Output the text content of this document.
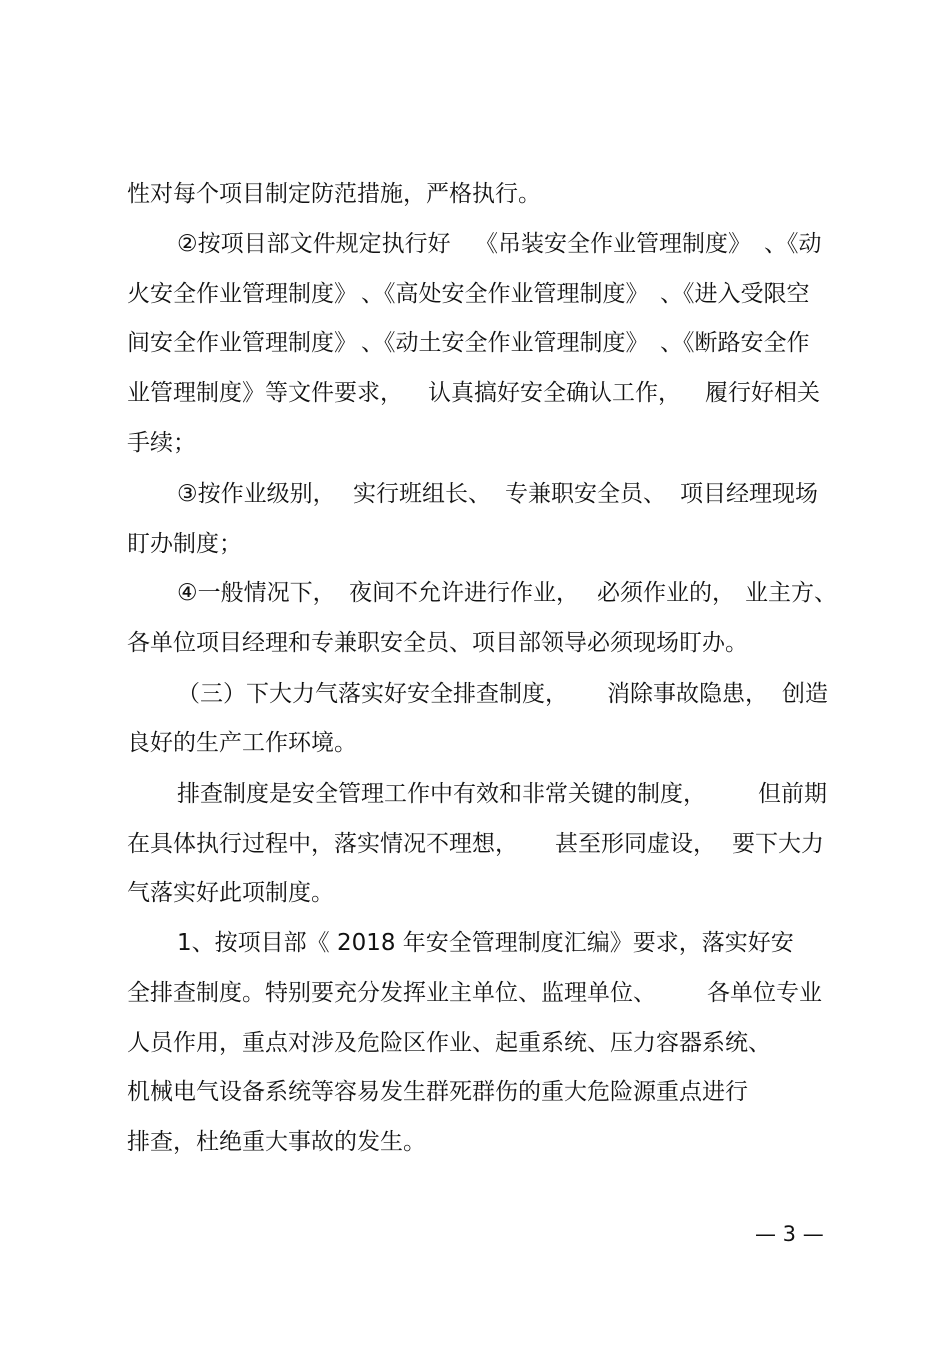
性对每个项目制定防范措施，严格执行。

②按项目部文件规定执行好

《吊装安全作业管理制度》

、《动

火安全作业管理制度》

、《高处安全作业管理制度》

、《进入受限空

间安全作业管理制度》

、《动土安全作业管理制度》

、《断路安全作

业管理制度》等文件要求，

认真搞好安全确认工作，

履行好相关

手续；

③按作业级别，

实行班组长、

专兼职安全员、

项目经理现场

盯办制度；

④一般情况下，

夜间不允许进行作业，

必须作业的，

业主方、

各单位项目经理和专兼职安全员、项目部领导必须现场盯办。

（三）下大力气落实好安全排查制度，

消除事故隐患，

创造

良好的生产工作环境。

排查制度是安全管理工作中有效和非常关键的制度，

但前期

在具体执行过程中，落实情况不理想，

甚至形同虚设，

要下大力

气落实好此项制度。

1、按项目部《 2018 年安全管理制度汇编》要求，落实好安

全排查制度。特别要充分发挥业主单位、监理单位、

各单位专业

人员作用，重点对涉及危险区作业、起重系统、压力容器系统、

机械电气设备系统等容易发生群死群伤的重大危险源重点进行

排查，杜绝重大事故的发生。

— 3 —
